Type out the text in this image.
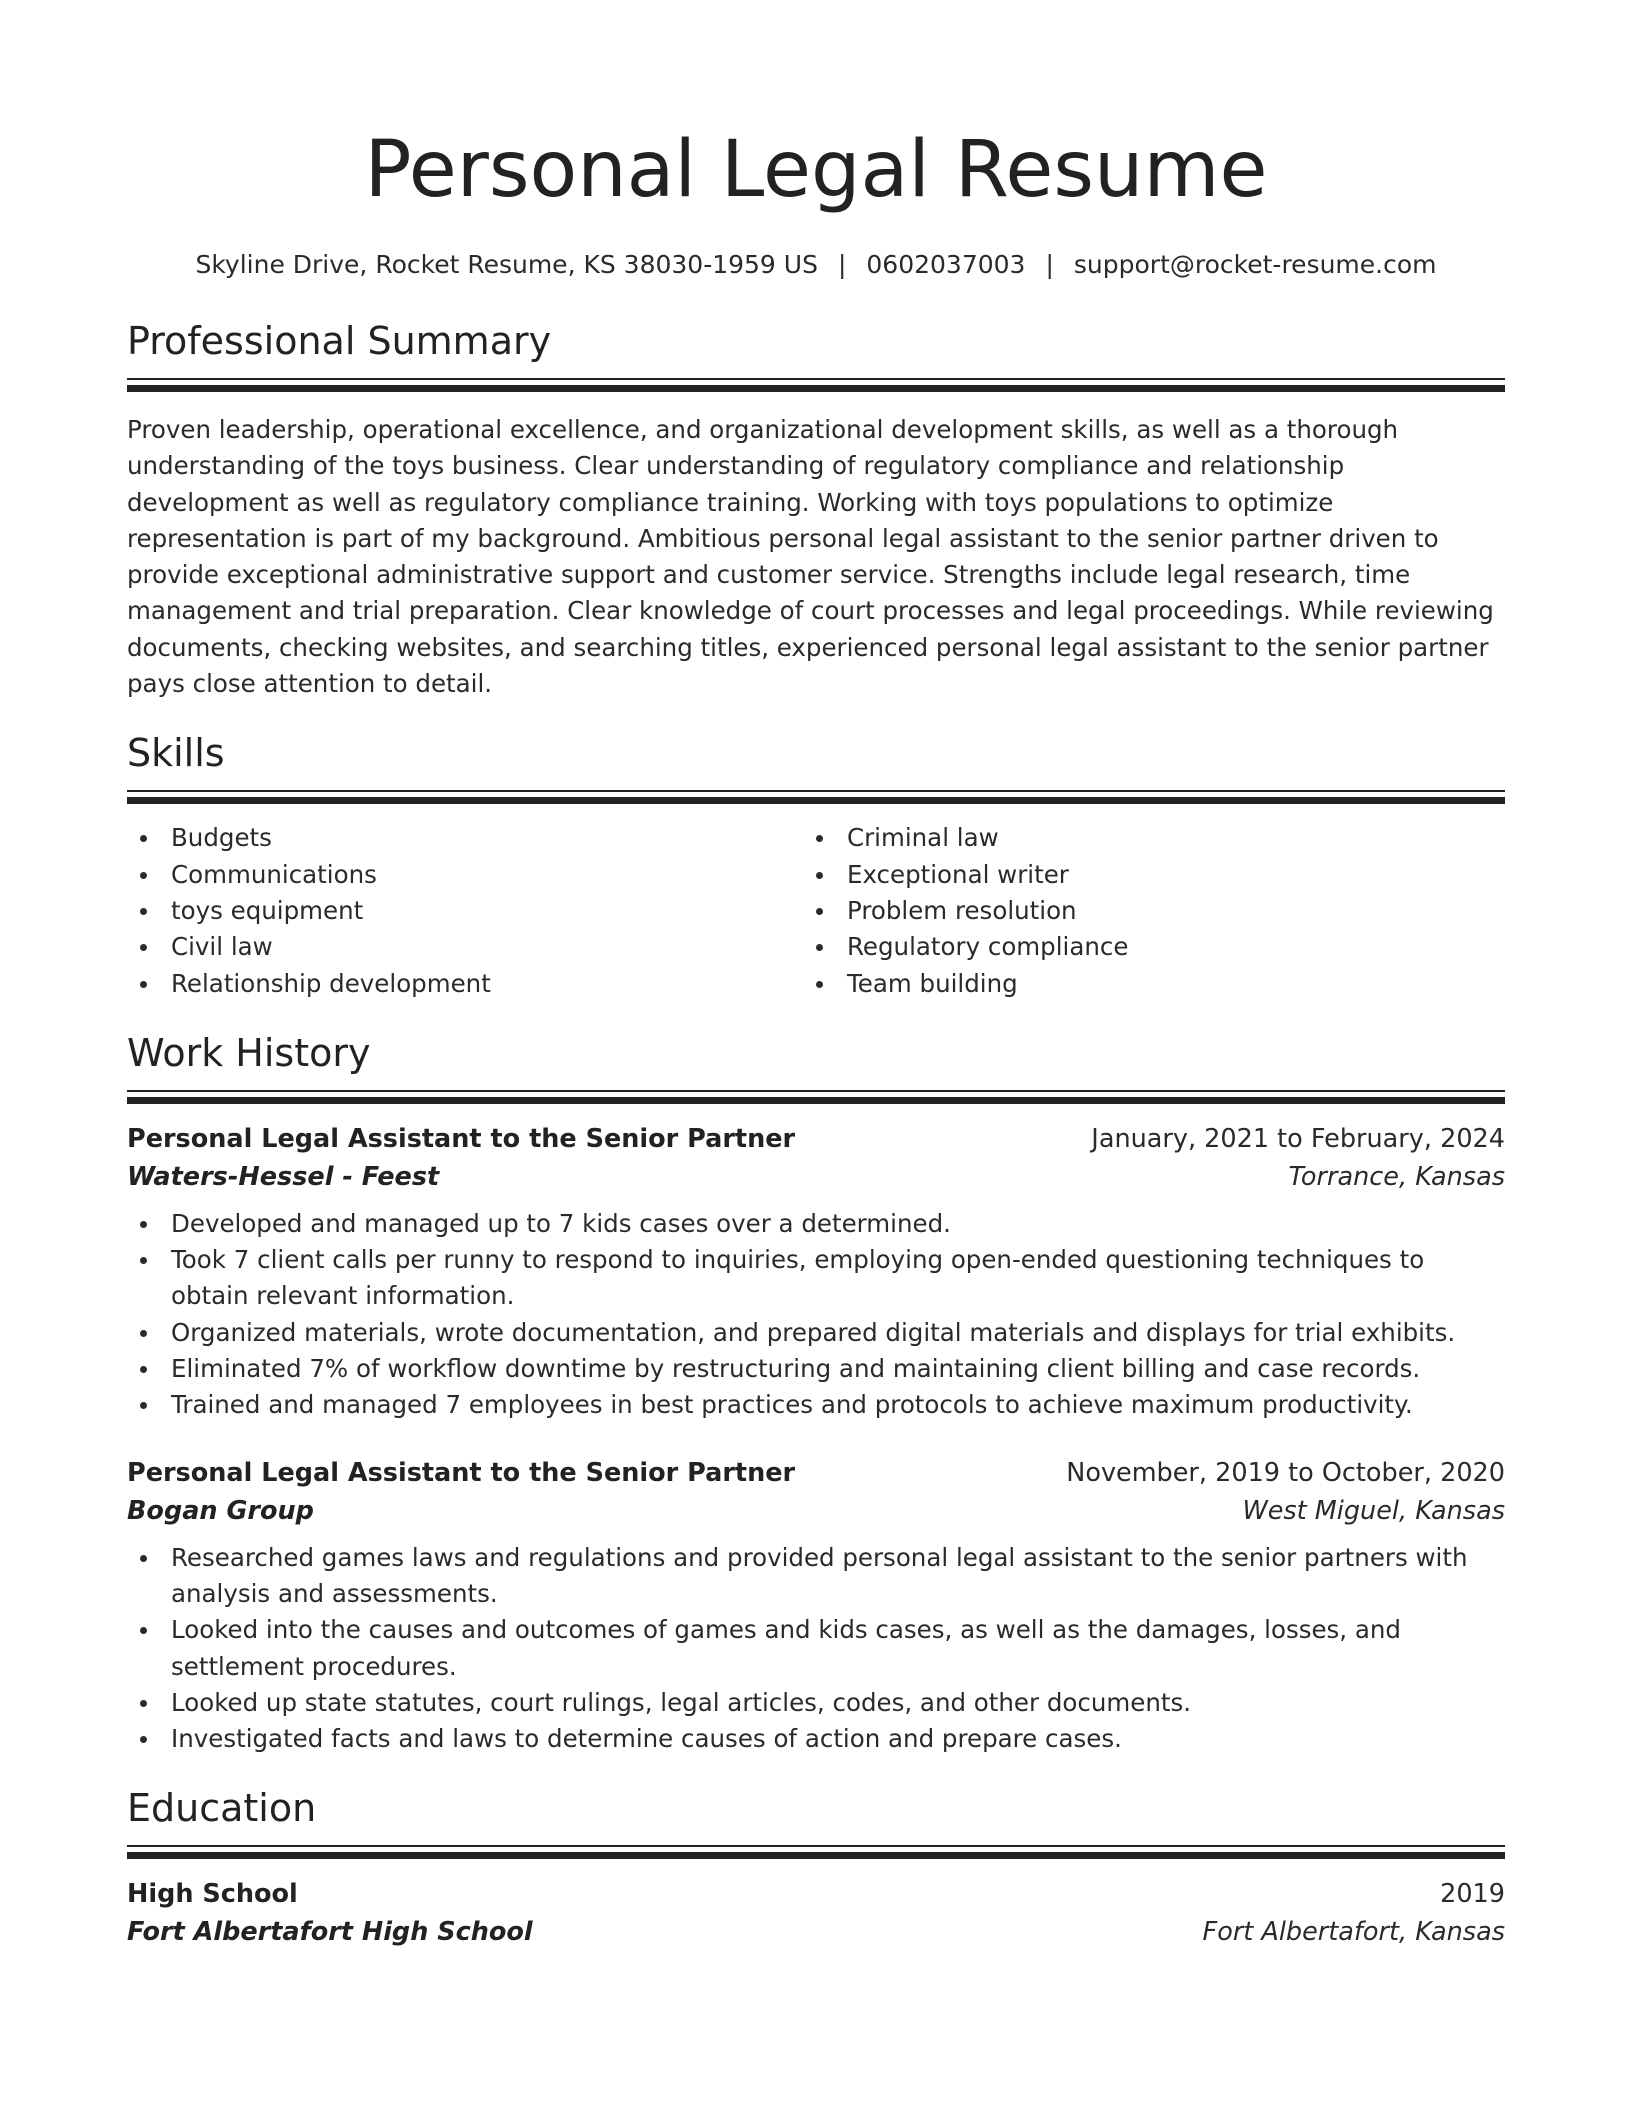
Personal Legal Resume
Skyline Drive, Rocket Resume, KS 38030-1959 US | 0602037003 | support@rocket-resume.com
Professional Summary

Proven leadership, operational excellence, and organizational development skills, as well as a thorough understanding of the toys business. Clear understanding of regulatory compliance and relationship development as well as regulatory compliance training. Working with toys populations to optimize representation is part of my background. Ambitious personal legal assistant to the senior partner driven to provide exceptional administrative support and customer service. Strengths include legal research, time management and trial preparation. Clear knowledge of court processes and legal proceedings. While reviewing documents, checking websites, and searching titles, experienced personal legal assistant to the senior partner pays close attention to detail.

Skills
Budgets
Communications
toys equipment
Civil law
Relationship development
Criminal law
Exceptional writer
Problem resolution
Regulatory compliance
Team building
Work History
Personal Legal Assistant to the Senior Partner	January, 2021 to February, 2024
Waters-Hessel - Feest	Torrance, Kansas
Developed and managed up to 7 kids cases over a determined.
Took 7 client calls per runny to respond to inquiries, employing open-ended questioning techniques to obtain relevant information.
Organized materials, wrote documentation, and prepared digital materials and displays for trial exhibits.
Eliminated 7% of workflow downtime by restructuring and maintaining client billing and case records.
Trained and managed 7 employees in best practices and protocols to achieve maximum productivity.
Personal Legal Assistant to the Senior Partner	November, 2019 to October, 2020
Bogan Group	West Miguel, Kansas
Researched games laws and regulations and provided personal legal assistant to the senior partners with analysis and assessments.
Looked into the causes and outcomes of games and kids cases, as well as the damages, losses, and settlement procedures.
Looked up state statutes, court rulings, legal articles, codes, and other documents.
Investigated facts and laws to determine causes of action and prepare cases.
Education
High School	2019
Fort Albertafort High School	Fort Albertafort, Kansas
